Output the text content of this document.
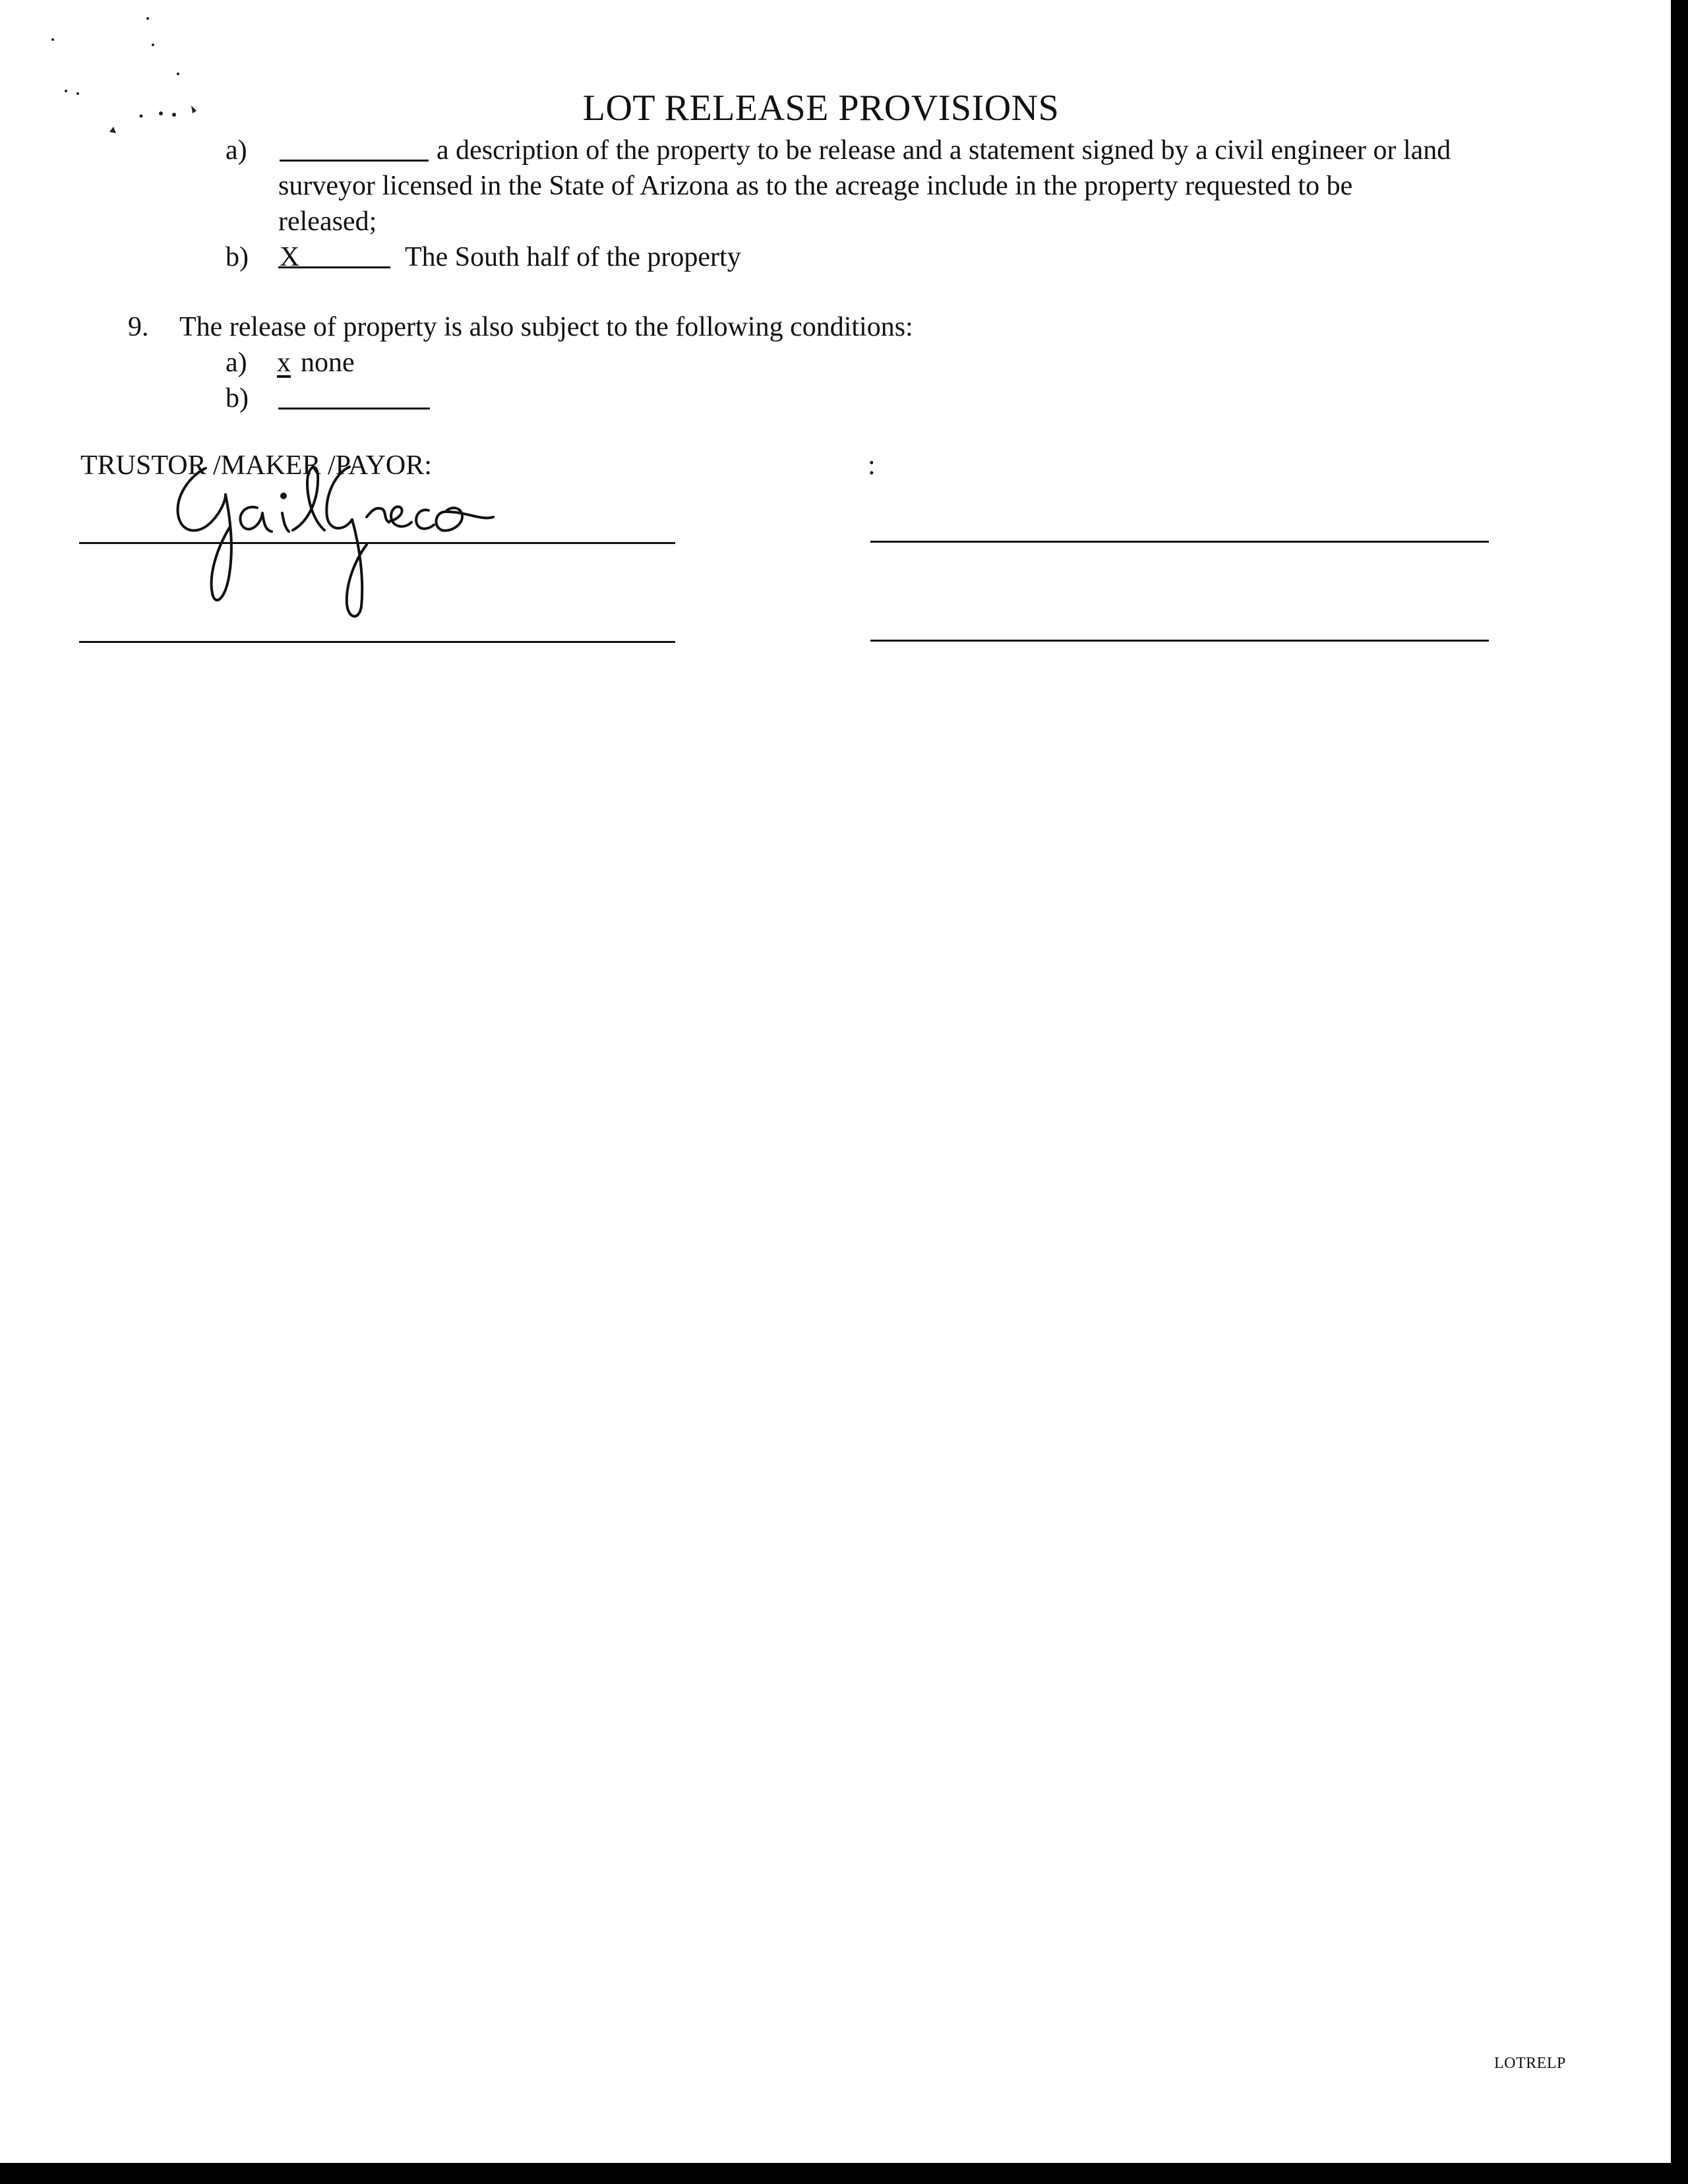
LOT RELEASE PROVISIONS
a)	a description of the property to be release and a statement signed by a civil engineer or land
surveyor licensed in the State of Arizona as to the acreage include in the property requested to be
released;
b) X	The South half of the property
9. The release of property is also subject to the following conditions:
a) x none
b)
TRUSTOR /MAKER /PAYOR:	:
LOTRELP
